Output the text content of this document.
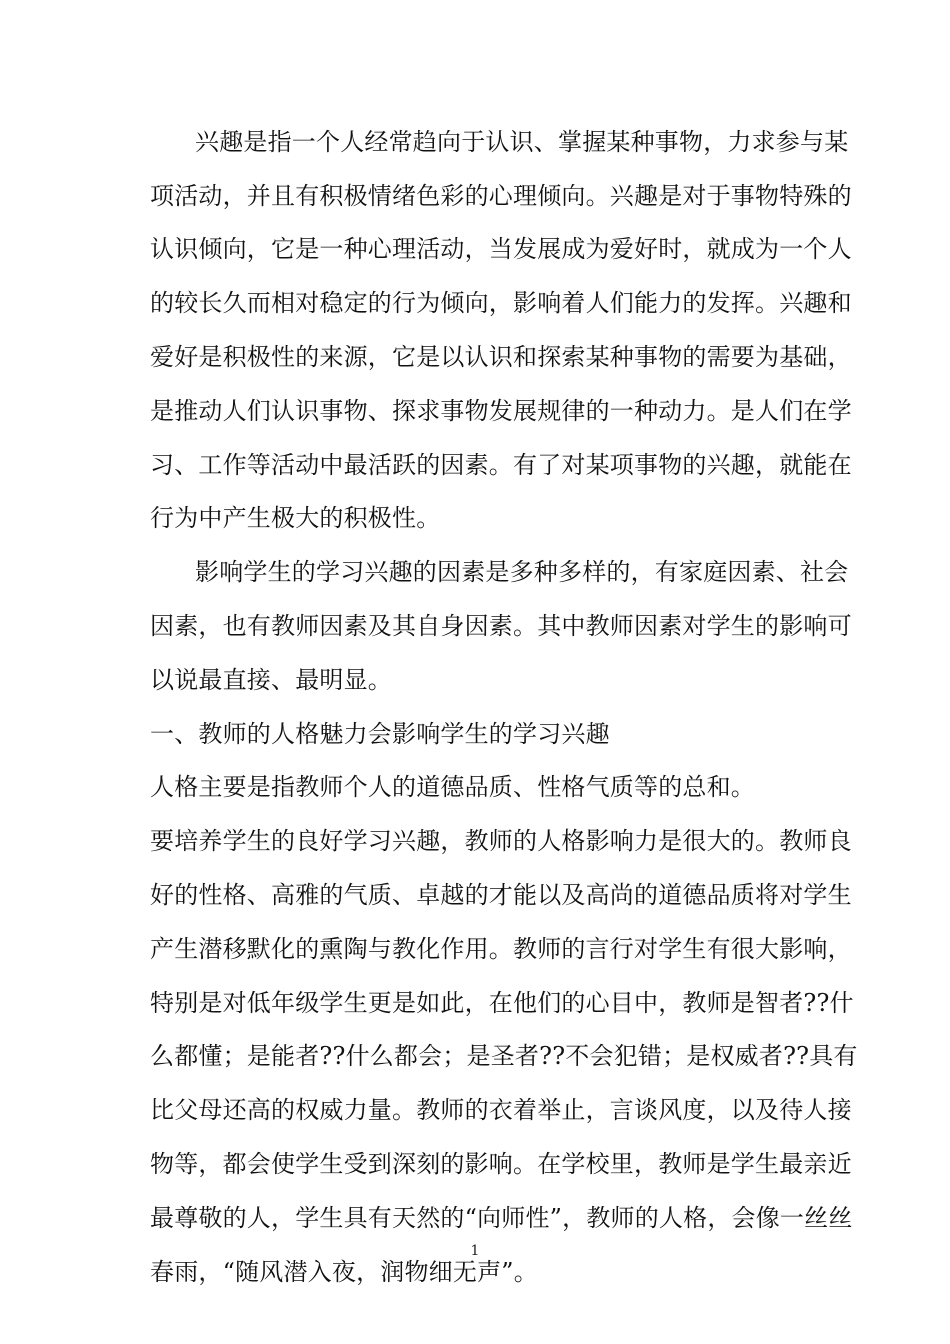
兴趣是指一个人经常趋向于认识、掌握某种事物，力求参与某
项活动，并且有积极情绪色彩的心理倾向。兴趣是对于事物特殊的
认识倾向，它是一种心理活动，当发展成为爱好时，就成为一个人
的较长久而相对稳定的行为倾向，影响着人们能力的发挥。兴趣和
爱好是积极性的来源，它是以认识和探索某种事物的需要为基础，
是推动人们认识事物、探求事物发展规律的一种动力。是人们在学
习、工作等活动中最活跃的因素。有了对某项事物的兴趣，就能在
行为中产生极大的积极性。
影响学生的学习兴趣的因素是多种多样的，有家庭因素、社会
因素，也有教师因素及其自身因素。其中教师因素对学生的影响可
以说最直接、最明显。
一、教师的人格魅力会影响学生的学习兴趣
人格主要是指教师个人的道德品质、性格气质等的总和。
要培养学生的良好学习兴趣，教师的人格影响力是很大的。教师良
好的性格、高雅的气质、卓越的才能以及高尚的道德品质将对学生
产生潜移默化的熏陶与教化作用。教师的言行对学生有很大影响，
特别是对低年级学生更是如此，在他们的心目中，教师是智者??什
么都懂；是能者??什么都会；是圣者??不会犯错；是权威者??具有
比父母还高的权威力量。教师的衣着举止，言谈风度，以及待人接
物等，都会使学生受到深刻的影响。在学校里，教师是学生最亲近
最尊敬的人，学生具有天然的“向师性”，教师的人格，会像一丝丝
春雨，“随风潜入夜，润物细无声”。
1
